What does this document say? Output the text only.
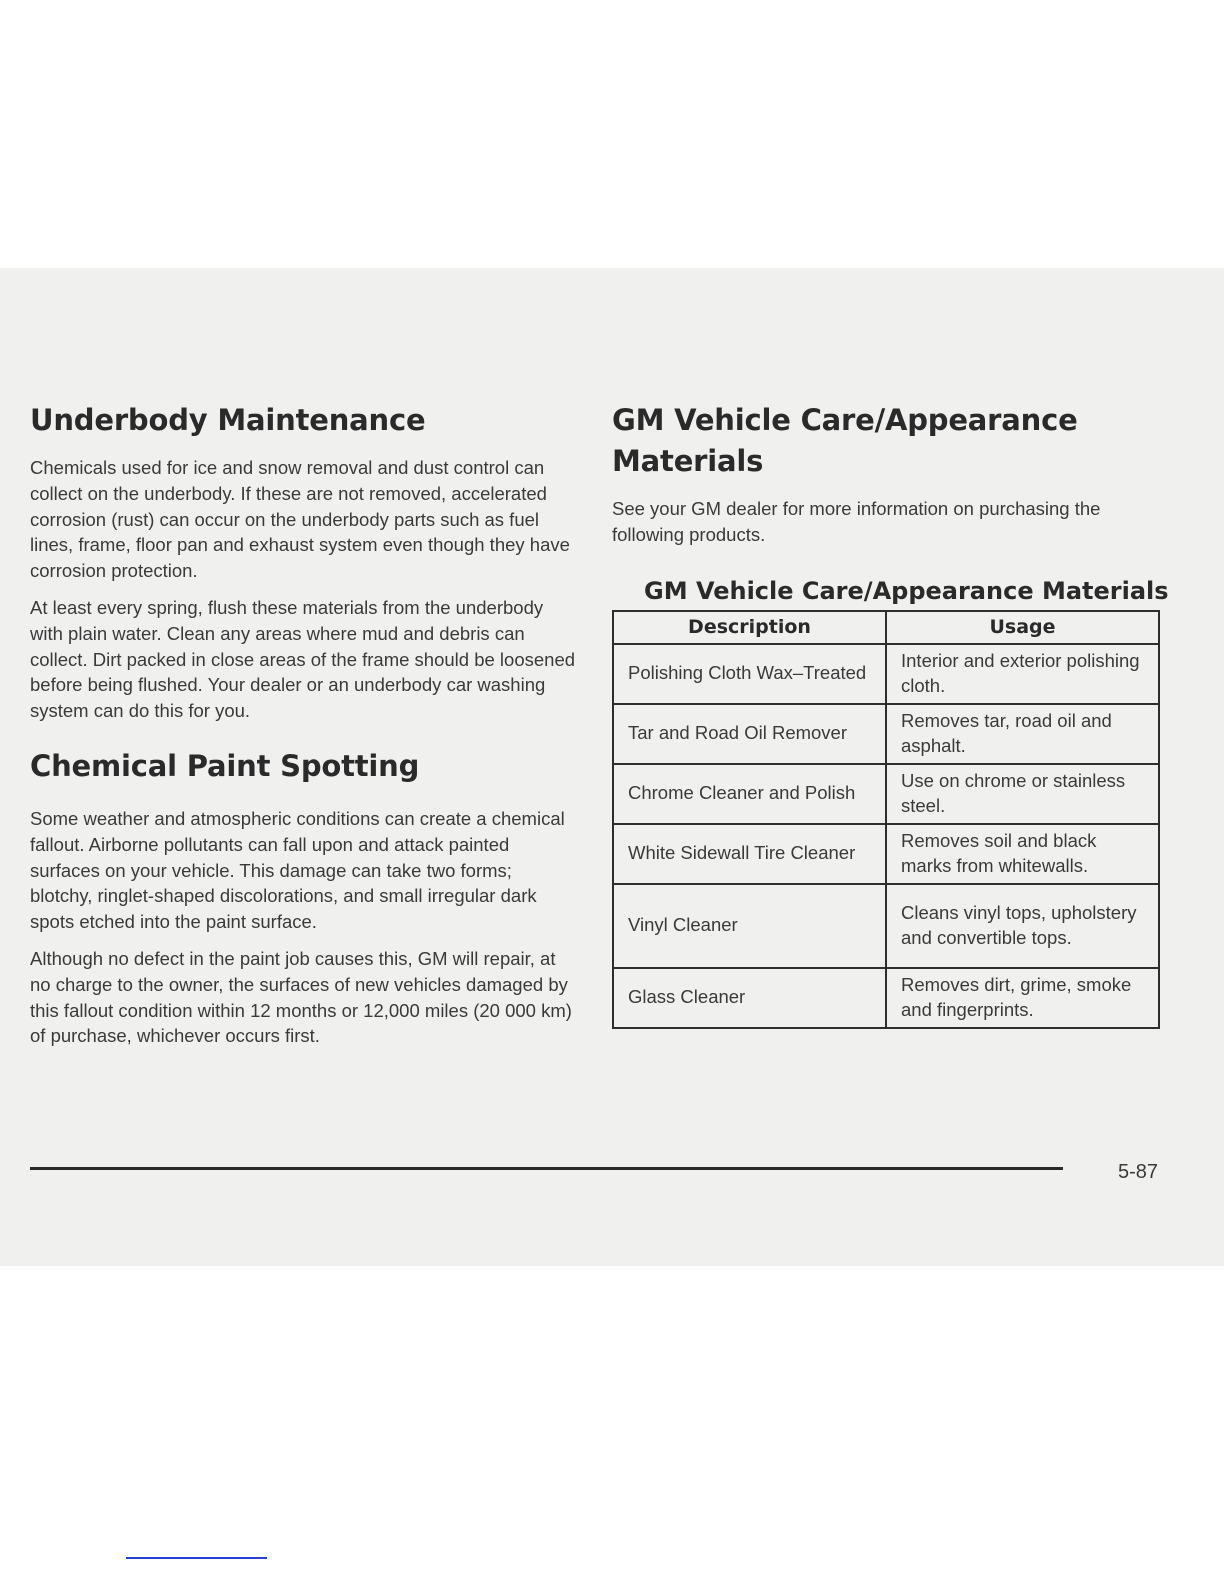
Underbody Maintenance

Chemicals used for ice and snow removal and dust control can collect on the underbody. If these are not removed, accelerated corrosion (rust) can occur on the underbody parts such as fuel lines, frame, floor pan and exhaust system even though they have corrosion protection.

At least every spring, flush these materials from the underbody with plain water. Clean any areas where mud and debris can collect. Dirt packed in close areas of the frame should be loosened before being flushed. Your dealer or an underbody car washing system can do this for you.

Chemical Paint Spotting

Some weather and atmospheric conditions can create a chemical fallout. Airborne pollutants can fall upon and attack painted surfaces on your vehicle. This damage can take two forms; blotchy, ringlet-shaped discolorations, and small irregular dark spots etched into the paint surface.

Although no defect in the paint job causes this, GM will repair, at no charge to the owner, the surfaces of new vehicles damaged by this fallout condition within 12 months or 12,000 miles (20 000 km) of purchase, whichever occurs first.

GM Vehicle Care/Appearance Materials

See your GM dealer for more information on purchasing the following products.

GM Vehicle Care/Appearance Materials
Description	Usage
Polishing Cloth Wax–Treated	Interior and exterior polishing cloth.
Tar and Road Oil Remover	Removes tar, road oil and asphalt.
Chrome Cleaner and Polish	Use on chrome or stainless steel.
White Sidewall Tire Cleaner	Removes soil and black marks from whitewalls.
Vinyl Cleaner	Cleans vinyl tops, upholstery and convertible tops.
Glass Cleaner	Removes dirt, grime, smoke and fingerprints.
5-87
